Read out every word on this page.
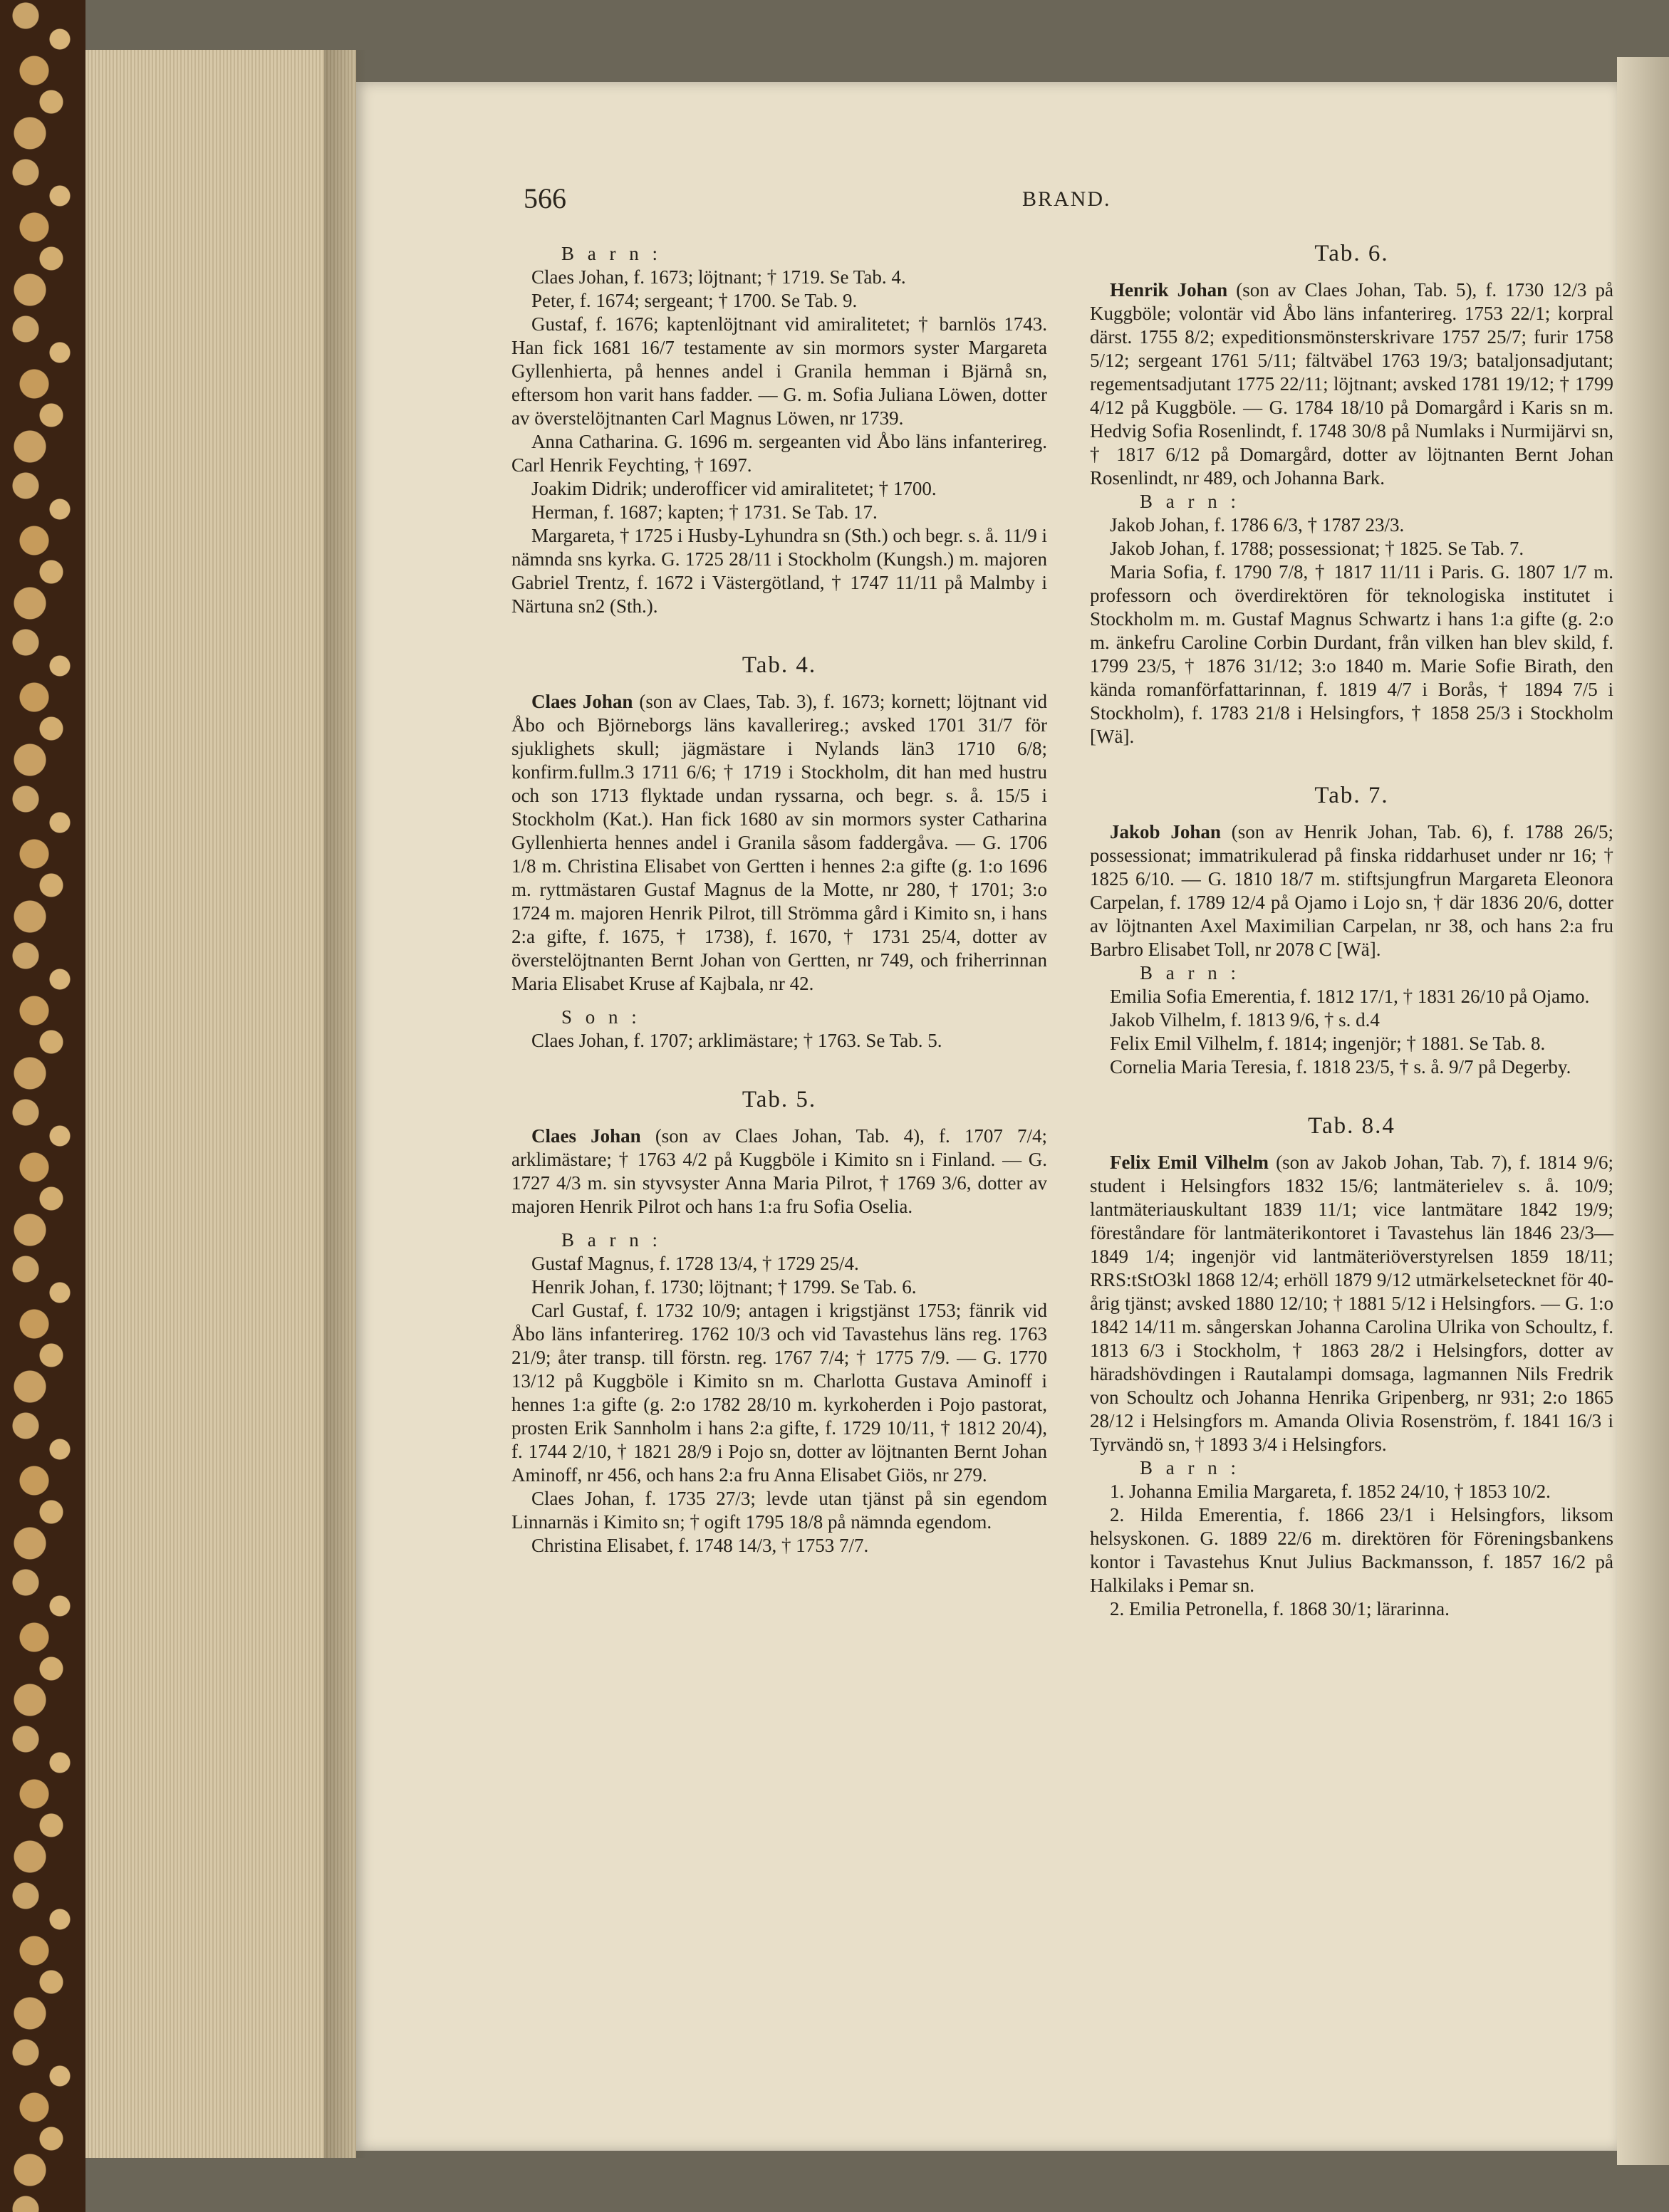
566	BRAND.

B a r n :

Claes Johan, f. 1673; löjtnant; † 1719. Se Tab. 4.

Peter, f. 1674; sergeant; † 1700. Se Tab. 9.

Gustaf, f. 1676; kaptenlöjtnant vid amiralitetet; † barnlös 1743. Han fick 1681 16/7 testamente av sin mormors syster Margareta Gyllenhierta, på hennes andel i Granila hemman i Bjärnå sn, eftersom hon varit hans fadder. — G. m. Sofia Juliana Löwen, dotter av överstelöjtnanten Carl Magnus Löwen, nr 1739.

Anna Catharina. G. 1696 m. sergeanten vid Åbo läns infanterireg. Carl Henrik Feychting, † 1697.

Joakim Didrik; underofficer vid amiralitetet; † 1700.

Herman, f. 1687; kapten; † 1731. Se Tab. 17.

Margareta, † 1725 i Husby-Lyhundra sn (Sth.) och begr. s. å. 11/9 i nämnda sns kyrka. G. 1725 28/11 i Stockholm (Kungsh.) m. majoren Gabriel Trentz, f. 1672 i Västergötland, † 1747 11/11 på Malmby i Närtuna sn2 (Sth.).

Tab. 4.

Claes Johan (son av Claes, Tab. 3), f. 1673; kornett; löjtnant vid Åbo och Björneborgs läns kavallerireg.; avsked 1701 31/7 för sjuklighets skull; jägmästare i Nylands län3 1710 6/8; konfirm.fullm.3 1711 6/6; † 1719 i Stockholm, dit han med hustru och son 1713 flyktade undan ryssarna, och begr. s. å. 15/5 i Stockholm (Kat.). Han fick 1680 av sin mormors syster Catharina Gyllenhierta hennes andel i Granila såsom faddergåva. — G. 1706 1/8 m. Christina Elisabet von Gertten i hennes 2:a gifte (g. 1:o 1696 m. ryttmästaren Gustaf Magnus de la Motte, nr 280, † 1701; 3:o 1724 m. majoren Henrik Pilrot, till Strömma gård i Kimito sn, i hans 2:a gifte, f. 1675, † 1738), f. 1670, † 1731 25/4, dotter av överstelöjtnanten Bernt Johan von Gertten, nr 749, och friherrinnan Maria Elisabet Kruse af Kajbala, nr 42.

S o n :

Claes Johan, f. 1707; arklimästare; † 1763. Se Tab. 5.

Tab. 5.

Claes Johan (son av Claes Johan, Tab. 4), f. 1707 7/4; arklimästare; † 1763 4/2 på Kuggböle i Kimito sn i Finland. — G. 1727 4/3 m. sin styvsyster Anna Maria Pilrot, † 1769 3/6, dotter av majoren Henrik Pilrot och hans 1:a fru Sofia Oselia.

B a r n :

Gustaf Magnus, f. 1728 13/4, † 1729 25/4.

Henrik Johan, f. 1730; löjtnant; † 1799. Se Tab. 6.

Carl Gustaf, f. 1732 10/9; antagen i krigstjänst 1753; fänrik vid Åbo läns infanterireg. 1762 10/3 och vid Tavastehus läns reg. 1763 21/9; åter transp. till förstn. reg. 1767 7/4; † 1775 7/9. — G. 1770 13/12 på Kuggböle i Kimito sn m. Charlotta Gustava Aminoff i hennes 1:a gifte (g. 2:o 1782 28/10 m. kyrkoherden i Pojo pastorat, prosten Erik Sannholm i hans 2:a gifte, f. 1729 10/11, † 1812 20/4), f. 1744 2/10, † 1821 28/9 i Pojo sn, dotter av löjtnanten Bernt Johan Aminoff, nr 456, och hans 2:a fru Anna Elisabet Giös, nr 279.

Claes Johan, f. 1735 27/3; levde utan tjänst på sin egendom Linnarnäs i Kimito sn; † ogift 1795 18/8 på nämnda egendom.

Christina Elisabet, f. 1748 14/3, † 1753 7/7.

Tab. 6.

Henrik Johan (son av Claes Johan, Tab. 5), f. 1730 12/3 på Kuggböle; volontär vid Åbo läns infanterireg. 1753 22/1; korpral därst. 1755 8/2; expeditionsmönsterskrivare 1757 25/7; furir 1758 5/12; sergeant 1761 5/11; fältväbel 1763 19/3; bataljonsadjutant; regementsadjutant 1775 22/11; löjtnant; avsked 1781 19/12; † 1799 4/12 på Kuggböle. — G. 1784 18/10 på Domargård i Karis sn m. Hedvig Sofia Rosenlindt, f. 1748 30/8 på Numlaks i Nurmijärvi sn, † 1817 6/12 på Domargård, dotter av löjtnanten Bernt Johan Rosenlindt, nr 489, och Johanna Bark.

B a r n :

Jakob Johan, f. 1786 6/3, † 1787 23/3.

Jakob Johan, f. 1788; possessionat; † 1825. Se Tab. 7.

Maria Sofia, f. 1790 7/8, † 1817 11/11 i Paris. G. 1807 1/7 m. professorn och överdirektören för teknologiska institutet i Stockholm m. m. Gustaf Magnus Schwartz i hans 1:a gifte (g. 2:o m. änkefru Caroline Corbin Durdant, från vilken han blev skild, f. 1799 23/5, † 1876 31/12; 3:o 1840 m. Marie Sofie Birath, den kända romanförfattarinnan, f. 1819 4/7 i Borås, † 1894 7/5 i Stockholm), f. 1783 21/8 i Helsingfors, † 1858 25/3 i Stockholm [Wä].

Tab. 7.

Jakob Johan (son av Henrik Johan, Tab. 6), f. 1788 26/5; possessionat; immatrikulerad på finska riddarhuset under nr 16; † 1825 6/10. — G. 1810 18/7 m. stiftsjungfrun Margareta Eleonora Carpelan, f. 1789 12/4 på Ojamo i Lojo sn, † där 1836 20/6, dotter av löjtnanten Axel Maximilian Carpelan, nr 38, och hans 2:a fru Barbro Elisabet Toll, nr 2078 C [Wä].

B a r n :

Emilia Sofia Emerentia, f. 1812 17/1, † 1831 26/10 på Ojamo.

Jakob Vilhelm, f. 1813 9/6, † s. d.4

Felix Emil Vilhelm, f. 1814; ingenjör; † 1881. Se Tab. 8.

Cornelia Maria Teresia, f. 1818 23/5, † s. å. 9/7 på Degerby.

Tab. 8.4

Felix Emil Vilhelm (son av Jakob Johan, Tab. 7), f. 1814 9/6; student i Helsingfors 1832 15/6; lantmäterielev s. å. 10/9; lantmäteriauskultant 1839 11/1; vice lantmätare 1842 19/9; föreståndare för lantmäterikontoret i Tavastehus län 1846 23/3—1849 1/4; ingenjör vid lantmäteriöverstyrelsen 1859 18/11; RRS:tStO3kl 1868 12/4; erhöll 1879 9/12 utmärkelsetecknet för 40-årig tjänst; avsked 1880 12/10; † 1881 5/12 i Helsingfors. — G. 1:o 1842 14/11 m. sångerskan Johanna Carolina Ulrika von Schoultz, f. 1813 6/3 i Stockholm, † 1863 28/2 i Helsingfors, dotter av häradshövdingen i Rautalampi domsaga, lagmannen Nils Fredrik von Schoultz och Johanna Henrika Gripenberg, nr 931; 2:o 1865 28/12 i Helsingfors m. Amanda Olivia Rosenström, f. 1841 16/3 i Tyrvändö sn, † 1893 3/4 i Helsingfors.

B a r n :

1. Johanna Emilia Margareta, f. 1852 24/10, † 1853 10/2.

2. Hilda Emerentia, f. 1866 23/1 i Helsingfors, liksom helsyskonen. G. 1889 22/6 m. direktören för Föreningsbankens kontor i Tavastehus Knut Julius Backmansson, f. 1857 16/2 på Halkilaks i Pemar sn.

2. Emilia Petronella, f. 1868 30/1; lärarinna.
